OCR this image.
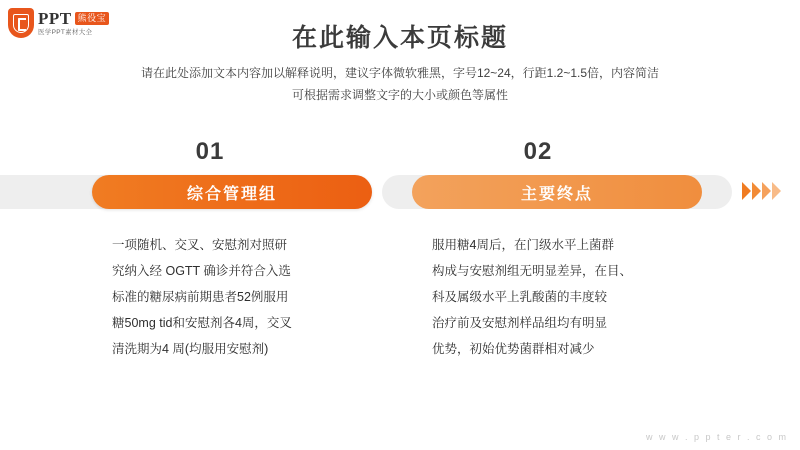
PPT 熊役宝
医学PPT素材大全	在此输入本页标题
请在此处添加文本内容加以解释说明，建议字体微软雅黑，字号12~24，行距1.2~1.5倍，内容简洁
可根据需求调整文字的大小或颜色等属性
01	02
综合管理组	主要终点
一项随机、交叉、安慰剂对照研
究纳入经 OGTT 确诊并符合入选
标准的糖尿病前期患者52例服用
糖50mg tid和安慰剂各4周，交叉
清洗期为4 周(均服用安慰剂)
服用糖4周后，在门级水平上菌群
构成与安慰剂组无明显差异，在目、
科及属级水平上乳酸菌的丰度较
治疗前及安慰剂样品组均有明显
优势，初始优势菌群相对减少
w w w . p p t e r . c o m
